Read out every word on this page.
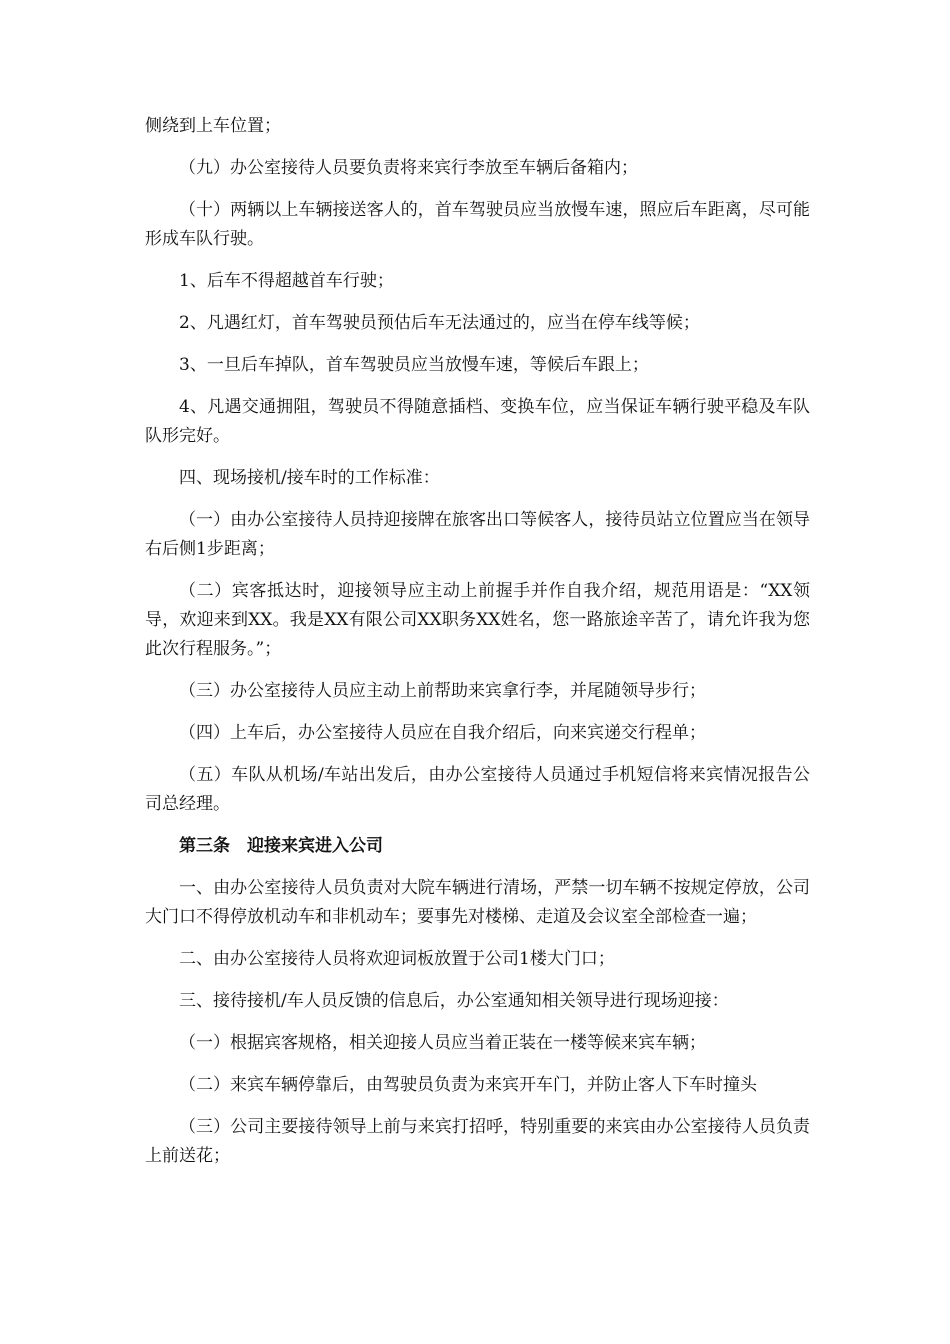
侧绕到上车位置；

（九）办公室接待人员要负责将来宾行李放至车辆后备箱内；

（十）两辆以上车辆接送客人的，首车驾驶员应当放慢车速，照应后车距离，尽可能形成车队行驶。

1、后车不得超越首车行驶；

2、凡遇红灯，首车驾驶员预估后车无法通过的，应当在停车线等候；

3、一旦后车掉队，首车驾驶员应当放慢车速，等候后车跟上；

4、凡遇交通拥阻，驾驶员不得随意插档、变换车位，应当保证车辆行驶平稳及车队队形完好。

四、现场接机/接车时的工作标准：

（一）由办公室接待人员持迎接牌在旅客出口等候客人，接待员站立位置应当在领导右后侧1步距离；

（二）宾客抵达时，迎接领导应主动上前握手并作自我介绍，规范用语是：“XX领导，欢迎来到XX。我是XX有限公司XX职务XX姓名，您一路旅途辛苦了，请允许我为您此次行程服务。”；

（三）办公室接待人员应主动上前帮助来宾拿行李，并尾随领导步行；

（四）上车后，办公室接待人员应在自我介绍后，向来宾递交行程单；

（五）车队从机场/车站出发后，由办公室接待人员通过手机短信将来宾情况报告公司总经理。

第三条　迎接来宾进入公司

一、由办公室接待人员负责对大院车辆进行清场，严禁一切车辆不按规定停放，公司大门口不得停放机动车和非机动车；要事先对楼梯、走道及会议室全部检查一遍；

二、由办公室接待人员将欢迎词板放置于公司1楼大门口；

三、接待接机/车人员反馈的信息后，办公室通知相关领导进行现场迎接：

（一）根据宾客规格，相关迎接人员应当着正装在一楼等候来宾车辆；

（二）来宾车辆停靠后，由驾驶员负责为来宾开车门，并防止客人下车时撞头

（三）公司主要接待领导上前与来宾打招呼，特别重要的来宾由办公室接待人员负责上前送花；
